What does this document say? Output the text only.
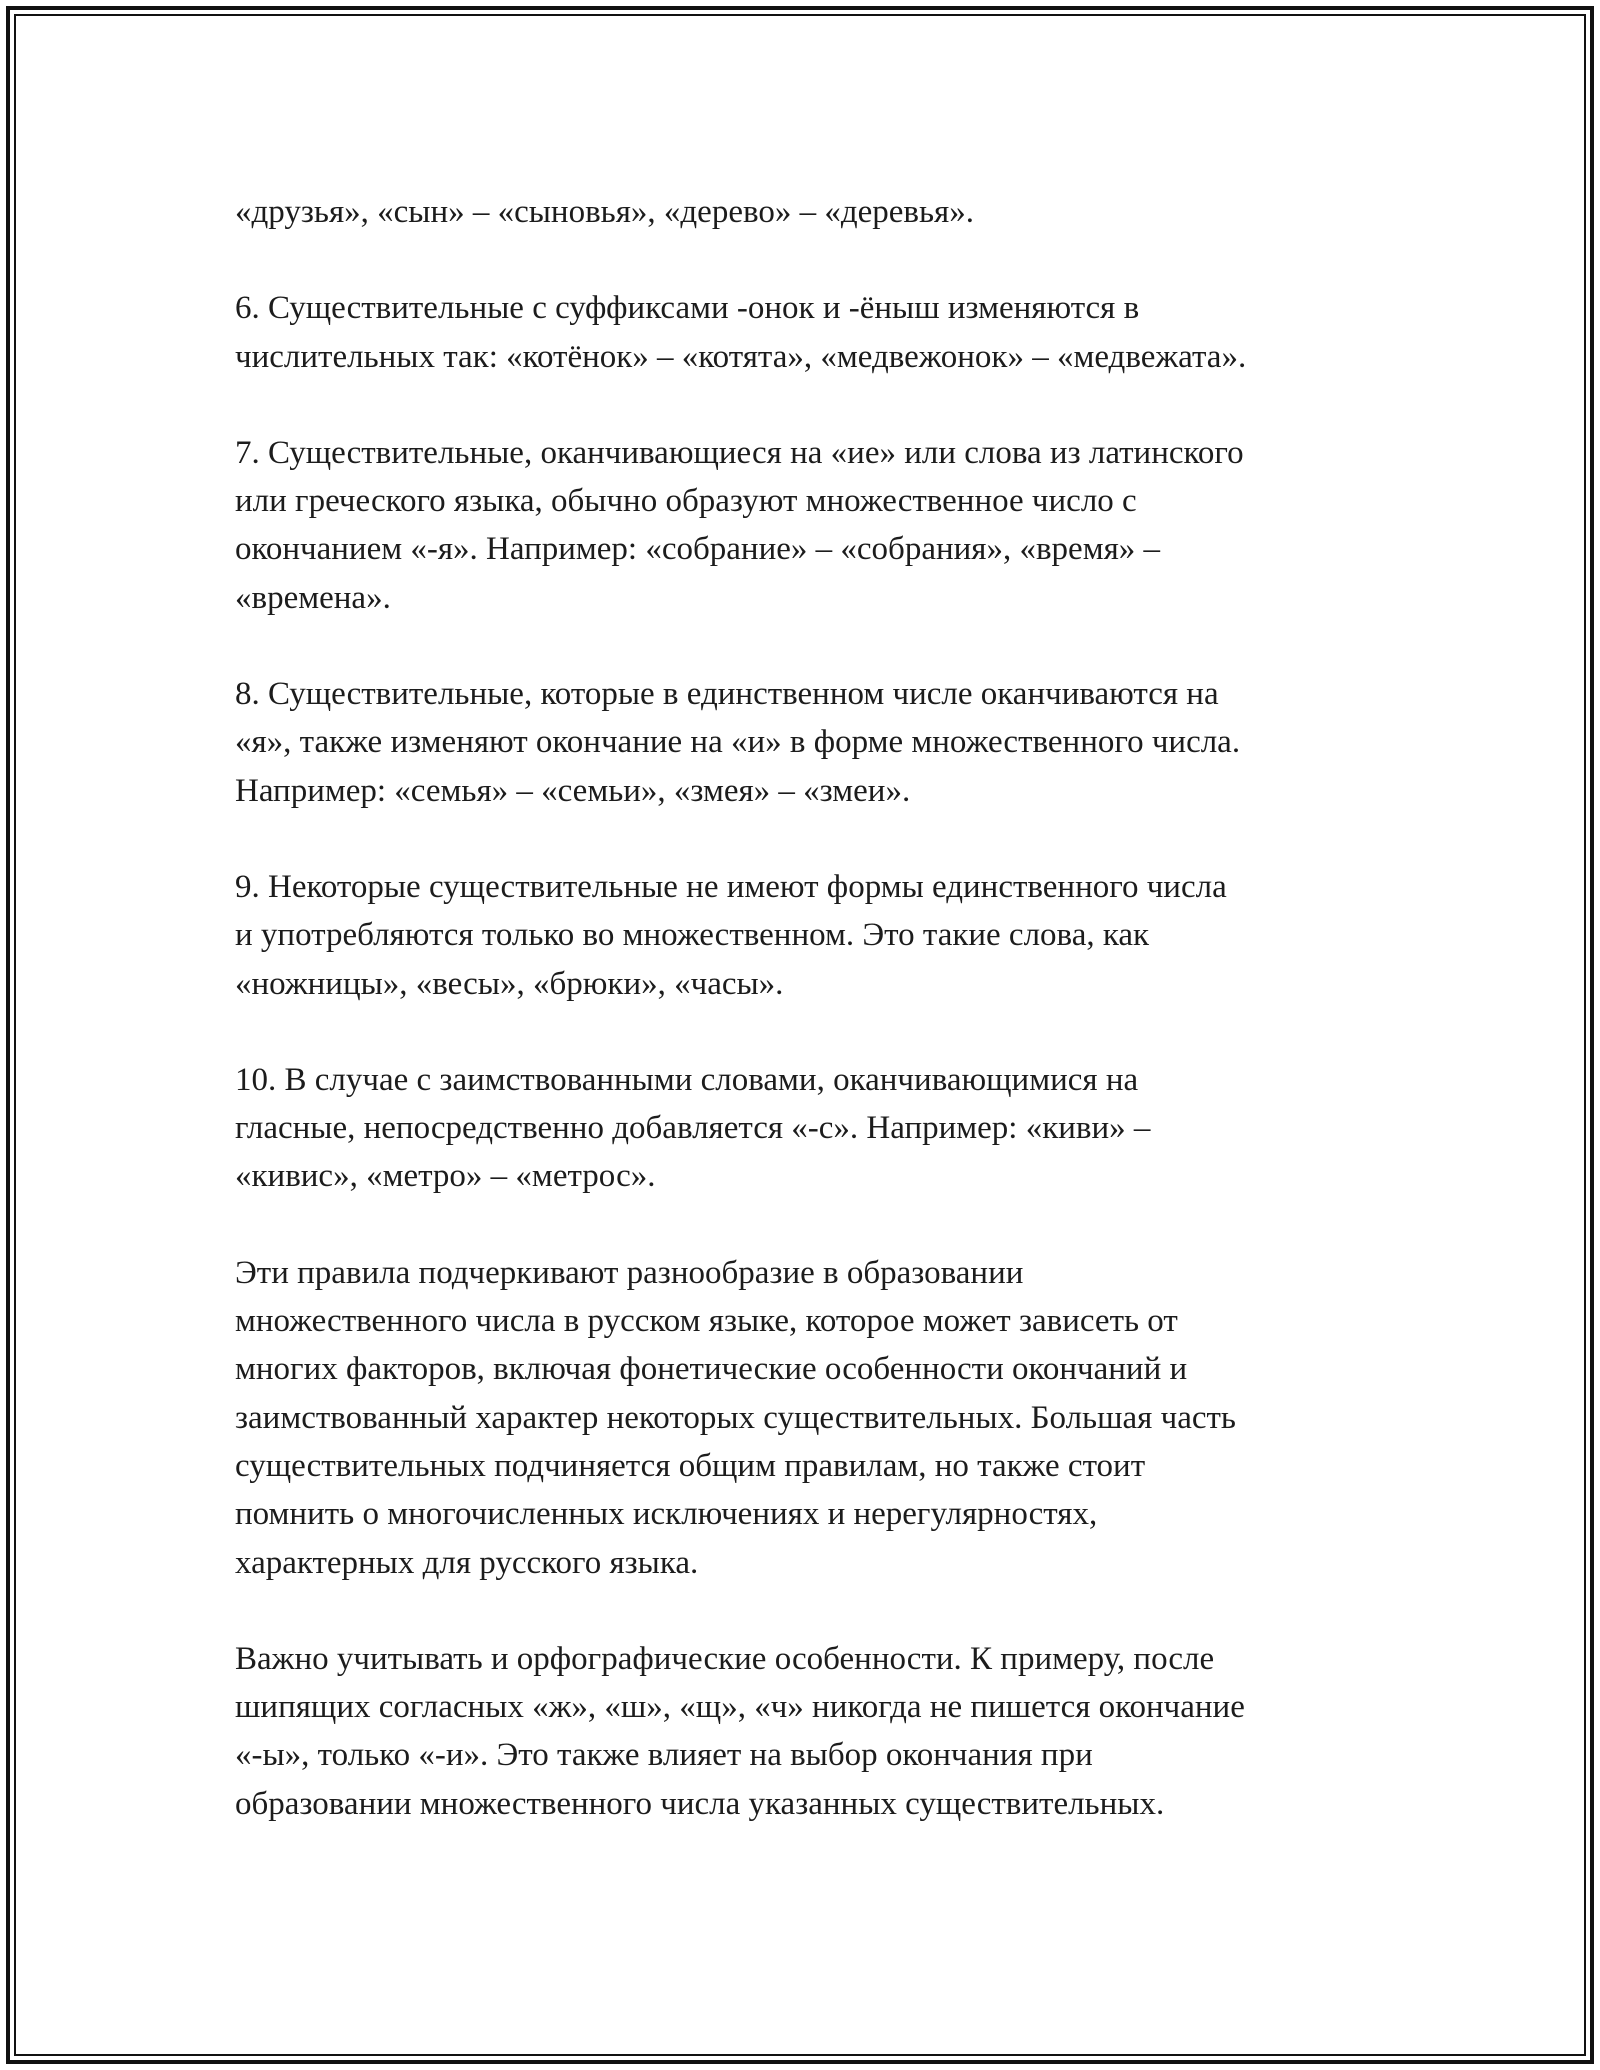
«друзья», «сын» – «сыновья», «дерево» – «деревья».

6. Существительные с суффиксами -онок и -ёныш изменяются в
числительных так: «котёнок» – «котята», «медвежонок» – «медвежата».

7. Существительные, оканчивающиеся на «ие» или слова из латинского
или греческого языка, обычно образуют множественное число с
окончанием «-я». Например: «собрание» – «собрания», «время» –
«времена».

8. Существительные, которые в единственном числе оканчиваются на
«я», также изменяют окончание на «и» в форме множественного числа.
Например: «семья» – «семьи», «змея» – «змеи».

9. Некоторые существительные не имеют формы единственного числа
и употребляются только во множественном. Это такие слова, как
«ножницы», «весы», «брюки», «часы».

10. В случае с заимствованными словами, оканчивающимися на
гласные, непосредственно добавляется «-с». Например: «киви» –
«кивис», «метро» – «метрос».

Эти правила подчеркивают разнообразие в образовании
множественного числа в русском языке, которое может зависеть от
многих факторов, включая фонетические особенности окончаний и
заимствованный характер некоторых существительных. Большая часть
существительных подчиняется общим правилам, но также стоит
помнить о многочисленных исключениях и нерегулярностях,
характерных для русского языка.

Важно учитывать и орфографические особенности. К примеру, после
шипящих согласных «ж», «ш», «щ», «ч» никогда не пишется окончание
«-ы», только «-и». Это также влияет на выбор окончания при
образовании множественного числа указанных существительных.
